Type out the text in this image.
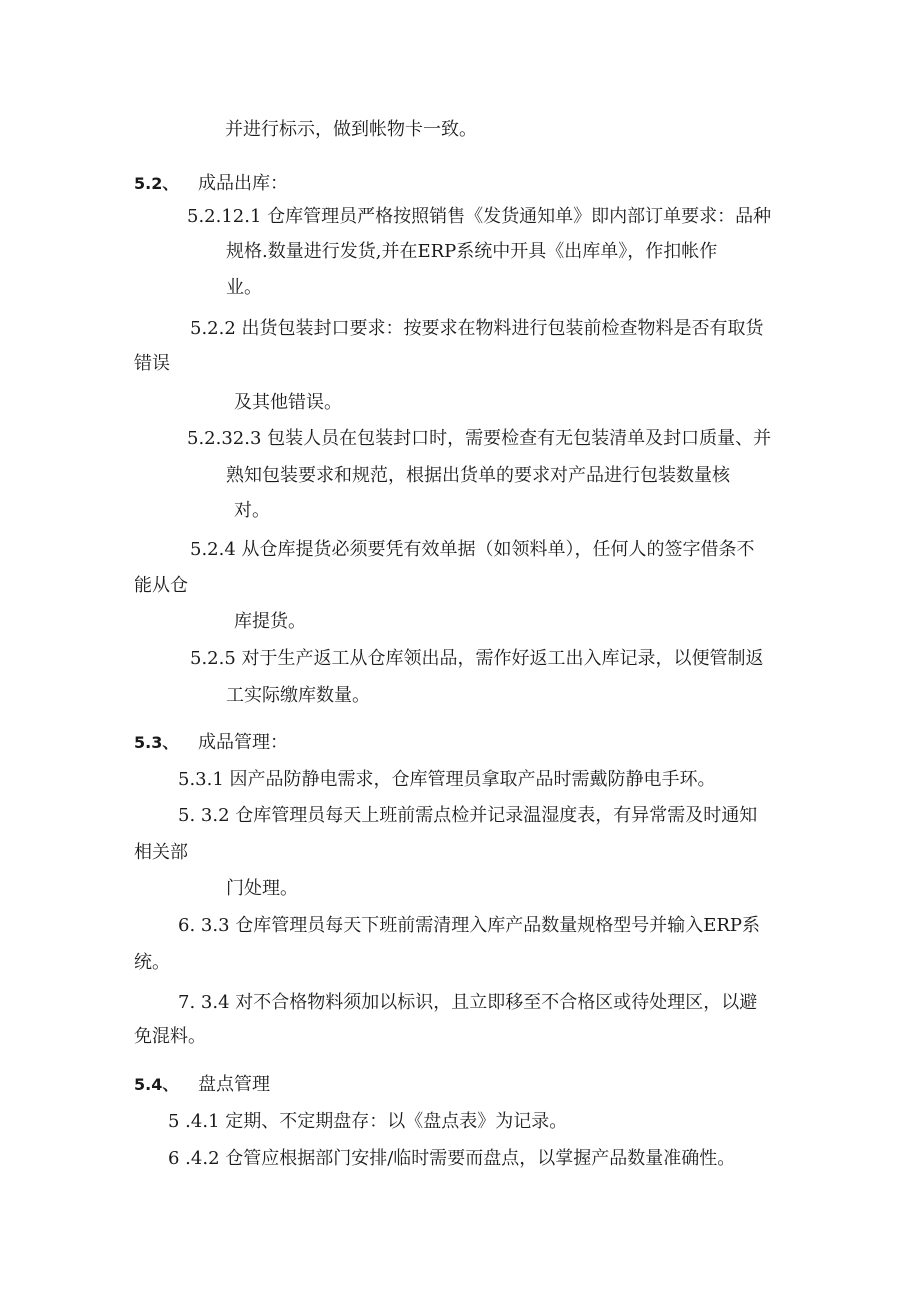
并进行标示，做到帐物卡一致。
5.2、 成品出库：
5.2.12.1 仓库管理员严格按照销售《发货通知单》即内部订单要求：品种
规格.数量进行发货,并在ERP系统中开具《出库单》，作扣帐作
业。
5.2.2 出货包装封口要求：按要求在物料进行包装前检查物料是否有取货
错误
及其他错误。
5.2.32.3 包装人员在包装封口时，需要检查有无包装清单及封口质量、并
熟知包装要求和规范，根据出货单的要求对产品进行包装数量核
对。
5.2.4 从仓库提货必须要凭有效单据（如领料单），任何人的签字借条不
能从仓
库提货。
5.2.5 对于生产返工从仓库领出品，需作好返工出入库记录，以便管制返
工实际缴库数量。
5.3、 成品管理：
5.3.1 因产品防静电需求，仓库管理员拿取产品时需戴防静电手环。
5. 3.2 仓库管理员每天上班前需点检并记录温湿度表，有异常需及时通知
相关部
门处理。
6. 3.3 仓库管理员每天下班前需清理入库产品数量规格型号并输入ERP系
统。
7. 3.4 对不合格物料须加以标识，且立即移至不合格区或待处理区，以避
免混料。
5.4、 盘点管理
5 .4.1 定期、不定期盘存：以《盘点表》为记录。
6 .4.2 仓管应根据部门安排/临时需要而盘点，以掌握产品数量准确性。
